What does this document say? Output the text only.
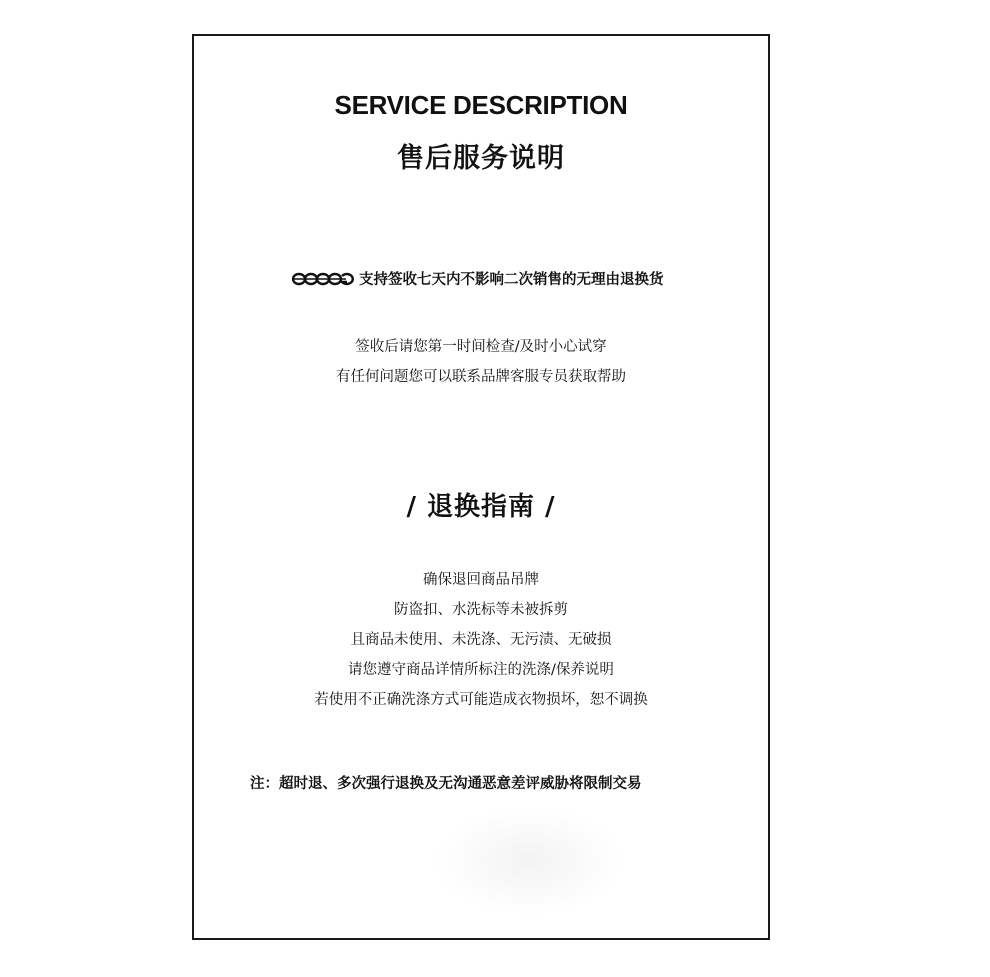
SERVICE DESCRIPTION
售后服务说明
支持签收七天内不影响二次销售的无理由退换货
签收后请您第一时间检查/及时小心试穿
有任何问题您可以联系品牌客服专员获取帮助
/ 退换指南 /
确保退回商品吊牌
防盗扣、水洗标等未被拆剪
且商品未使用、未洗涤、无污渍、无破损
请您遵守商品详情所标注的洗涤/保养说明
若使用不正确洗涤方式可能造成衣物损坏，恕不调换
注：超时退、多次强行退换及无沟通恶意差评威胁将限制交易
